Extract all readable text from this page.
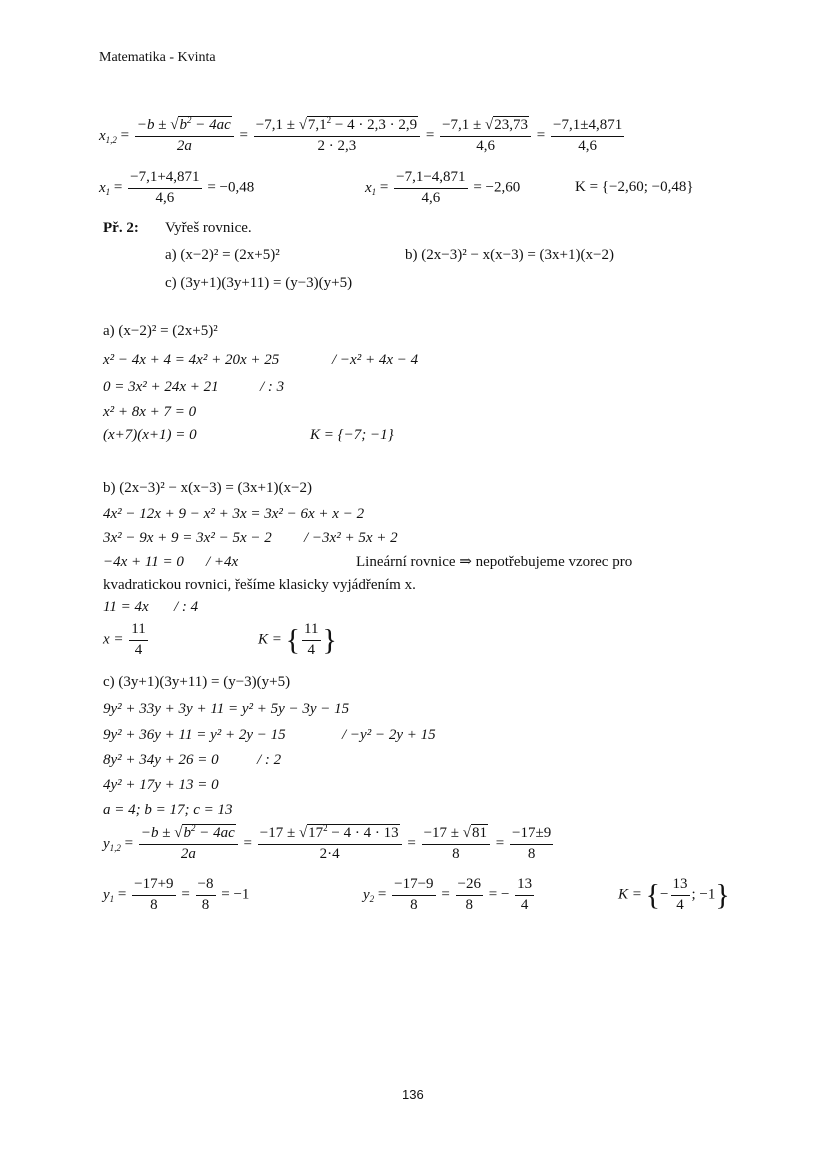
Matematika - Kvinta
$x_{1,2} = \frac{-b \pm √b^2 - 4ac}{2a} = \frac{-7,1 \pm √7,1^2 - 4 \cdot 2,3 \cdot 2,9}{2 \cdot 2,3} = \frac{-7,1 \pm √23,73}{4,6} = \frac{-7,1\pm 4,871}{4,6}$
$x_1 = \frac{-7,1+4,871}{4,6} = -0,48$	$x_1 = \frac{-7,1-4,871}{4,6} = -2,60$	K = {−2,60; −0,48}
Př. 2: Vyřeš rovnice.
a) (x−2)² = (2x+5)²	b) (2x−3)² − x(x−3) = (3x+1)(x−2)
c) (3y+1)(3y+11) = (y−3)(y+5)
a) (x−2)² = (2x+5)²
x² − 4x + 4 = 4x² + 20x + 25	/ −x² + 4x − 4
0 = 3x² + 24x + 21	/ : 3
x² + 8x + 7 = 0
(x+7)(x+1) = 0	K = {−7; −1}
b) (2x−3)² − x(x−3) = (3x+1)(x−2)
4x² − 12x + 9 − x² + 3x = 3x² − 6x + x − 2
3x² − 9x + 9 = 3x² − 5x − 2 / −3x² + 5x + 2
−4x + 11 = 0 / +4x	Lineární rovnice ⇒ nepotřebujeme vzorec pro
kvadratickou rovnici, řešíme klasicky vyjádřením x.
11 = 4x / : 4
$x = \frac{11}{4}$	K = { $\frac{11}{4}$ }
c) (3y+1)(3y+11) = (y−3)(y+5)
9y² + 33y + 3y + 11 = y² + 5y − 3y − 15
9y² + 36y + 11 = y² + 2y − 15	/ −y² − 2y + 15
8y² + 34y + 26 = 0	/ : 2
4y² + 17y + 13 = 0
a = 4; b = 17; c = 13
$y_{1,2} = \frac{-b \pm √b^2 - 4ac}{2a} = \frac{-17 \pm √17^2 - 4 \cdot 4 \cdot 13}{2\cdot 4} = \frac{-17 \pm √81}{8} = \frac{-17\pm 9}{8}$
$y_1 = \frac{-17+9}{8} = \frac{-8}{8} = -1$	$y_2 = \frac{-17-9}{8} = \frac{-26}{8}$ = − $\frac{13}{4}$	K = {− $\frac{13}{4}$ ; −1}
136
